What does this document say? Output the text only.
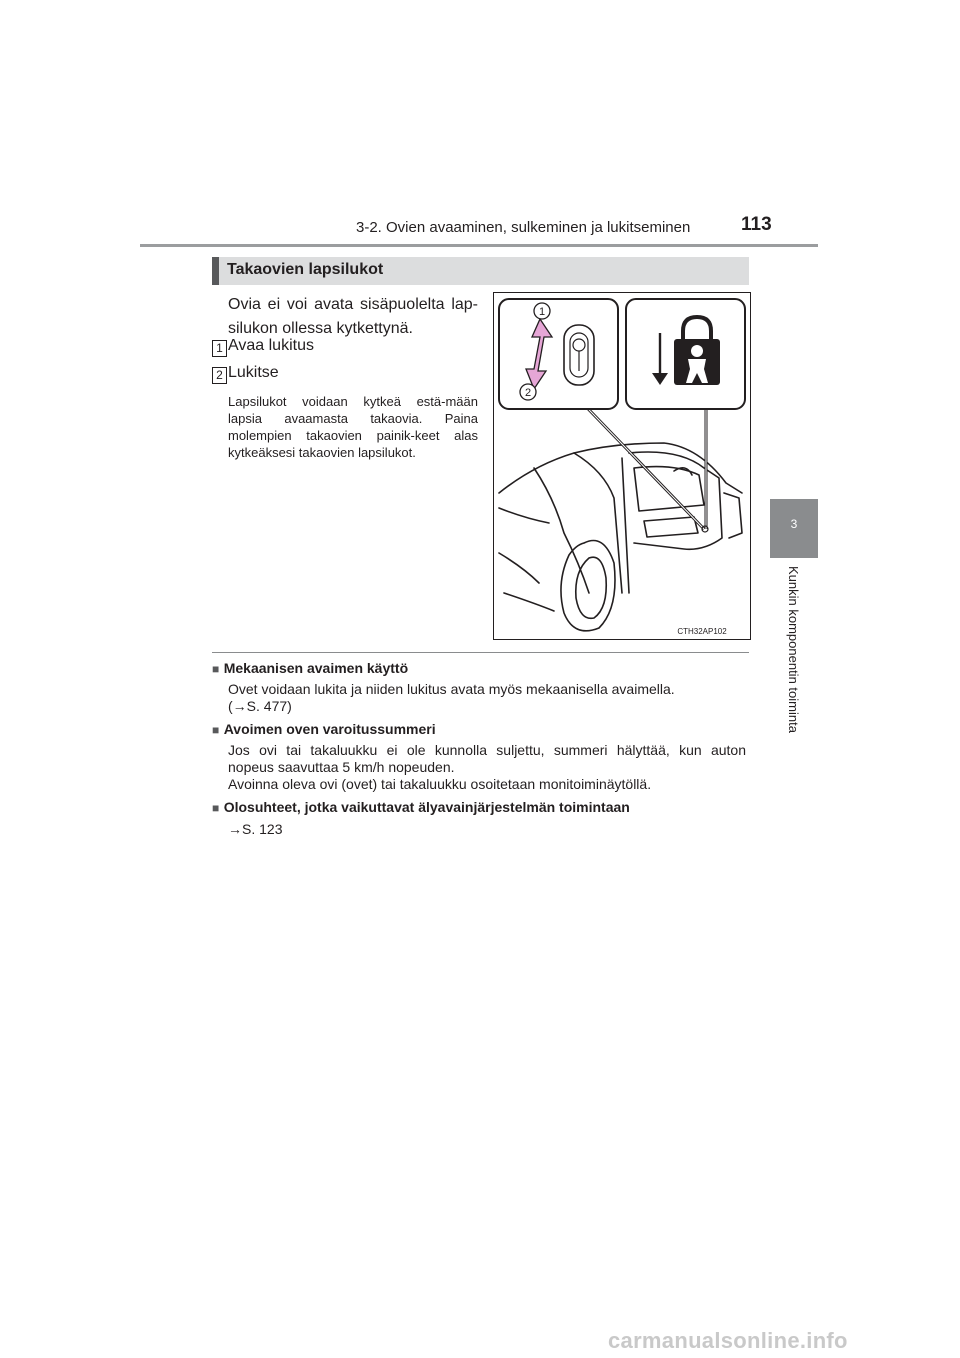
3-2. Ovien avaaminen, sulkeminen ja lukitseminen	113
3
Kunkin komponentin toiminta
Takaovien lapsilukot
Ovia ei voi avata sisäpuolelta lap-silukon ollessa kytkettynä.
1 Avaa lukitus
2 Lukitse
Lapsilukot voidaan kytkeä estä-mään lapsia avaamasta takaovia. Paina molempien takaovien painik-keet alas kytkeäksesi takaovien lapsilukot.
1
2
CTH32AP102
■ Mekaanisen avaimen käyttö
Ovet voidaan lukita ja niiden lukitus avata myös mekaanisella avaimella.
(→S. 477)
■ Avoimen oven varoitussummeri
Jos ovi tai takaluukku ei ole kunnolla suljettu, summeri hälyttää, kun auton
nopeus saavuttaa 5 km/h nopeuden.
Avoinna oleva ovi (ovet) tai takaluukku osoitetaan monitoiminäytöllä.
■ Olosuhteet, jotka vaikuttavat älyavainjärjestelmän toimintaan
→S. 123
carmanualsonline.info
